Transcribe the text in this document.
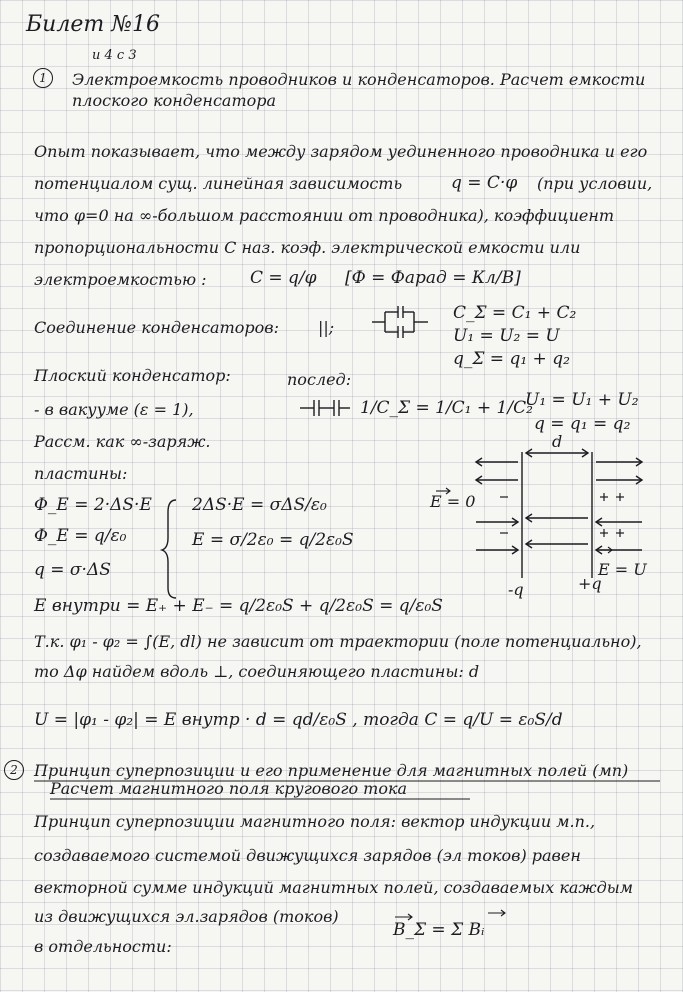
Билет №16
и 4 с 3
1	Электроемкость проводников и конденсаторов. Расчет емкости
плоского конденсатора
Опыт показывает, что между зарядом уединенного проводника и его
потенциалом сущ. линейная зависимость	q = C·φ (при условии,
что φ=0 на ∞-большом расстоянии от проводника), коэффициент
пропорциональности C наз. коэф. электрической емкости или
электроемкостью :	C = q/φ [Ф = Фарад = Кл/В]
Соединение конденсаторов: ||;
C_Σ = C₁ + C₂
U₁ = U₂ = U
q_Σ = q₁ + q₂
Плоский конденсатор:	послед:
1/C_Σ = 1/C₁ + 1/C₂
U₁ = U₁ + U₂
q = q₁ = q₂
- в вакууме (ε = 1),
Рассм. как ∞-заряж.
пластины:
Φ_E = 2·ΔS·E
Φ_E = q/ε₀
q = σ·ΔS
2ΔS·E = σΔS/ε₀
E = σ/2ε₀ = q/2ε₀S
d
E = 0
E = U
-q	+q
E внутри = E₊ + E₋ = q/2ε₀S + q/2ε₀S = q/ε₀S
Т.к. φ₁ - φ₂ = ∫(E, dl) не зависит от траектории (поле потенциально),
то Δφ найдем вдоль ⊥, соединяющего пластины: d
U = |φ₁ - φ₂| = E внутр · d = qd/ε₀S , тогда C = q/U = ε₀S/d
2	Принцип суперпозиции и его применение для магнитных полей (мп)
Расчет магнитного поля кругового тока
Принцип суперпозиции магнитного поля: вектор индукции м.п.,
создаваемого системой движущихся зарядов (эл токов) равен
векторной сумме индукций магнитных полей, создаваемых каждым
из движущихся эл.зарядов (токов)
в отдельности:
B_Σ = Σ Bᵢ
